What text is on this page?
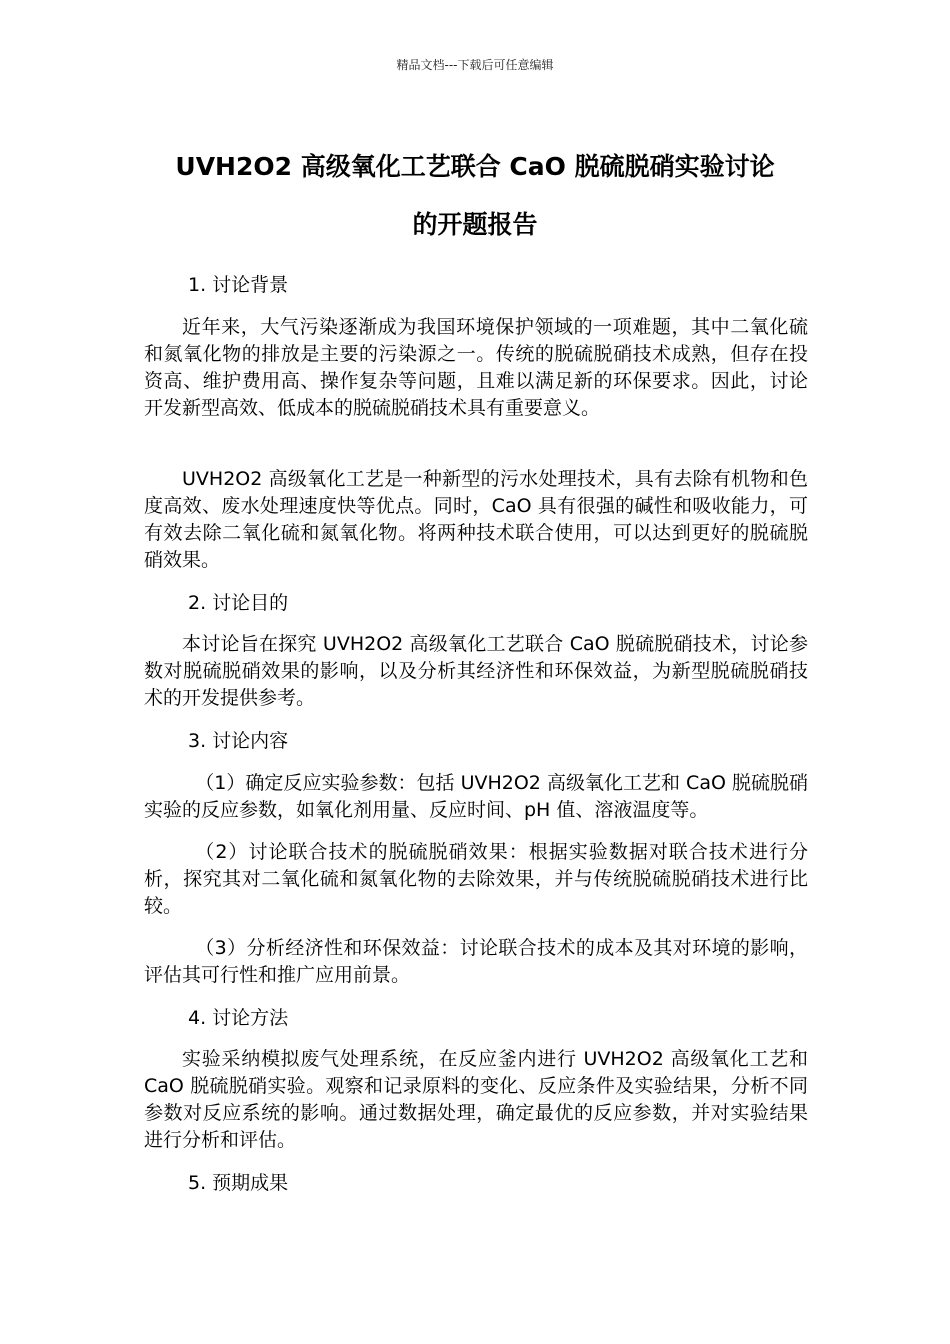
精品文档---下载后可任意编辑
UVH2O2 高级氧化工艺联合 CaO 脱硫脱硝实验讨论
的开题报告

1. 讨论背景

近年来，大气污染逐渐成为我国环境保护领域的一项难题，其中二氧化硫和氮氧化物的排放是主要的污染源之一。传统的脱硫脱硝技术成熟，但存在投资高、维护费用高、操作复杂等问题，且难以满足新的环保要求。因此，讨论开发新型高效、低成本的脱硫脱硝技术具有重要意义。

UVH2O2 高级氧化工艺是一种新型的污水处理技术，具有去除有机物和色度高效、废水处理速度快等优点。同时，CaO 具有很强的碱性和吸收能力，可有效去除二氧化硫和氮氧化物。将两种技术联合使用，可以达到更好的脱硫脱硝效果。

2. 讨论目的

本讨论旨在探究 UVH2O2 高级氧化工艺联合 CaO 脱硫脱硝技术，讨论参数对脱硫脱硝效果的影响，以及分析其经济性和环保效益，为新型脱硫脱硝技术的开发提供参考。

3. 讨论内容

（1）确定反应实验参数：包括 UVH2O2 高级氧化工艺和 CaO 脱硫脱硝实验的反应参数，如氧化剂用量、反应时间、pH 值、溶液温度等。

（2）讨论联合技术的脱硫脱硝效果：根据实验数据对联合技术进行分析，探究其对二氧化硫和氮氧化物的去除效果，并与传统脱硫脱硝技术进行比较。

（3）分析经济性和环保效益：讨论联合技术的成本及其对环境的影响，评估其可行性和推广应用前景。

4. 讨论方法

实验采纳模拟废气处理系统，在反应釜内进行 UVH2O2 高级氧化工艺和 CaO 脱硫脱硝实验。观察和记录原料的变化、反应条件及实验结果，分析不同参数对反应系统的影响。通过数据处理，确定最优的反应参数，并对实验结果进行分析和评估。

5. 预期成果
